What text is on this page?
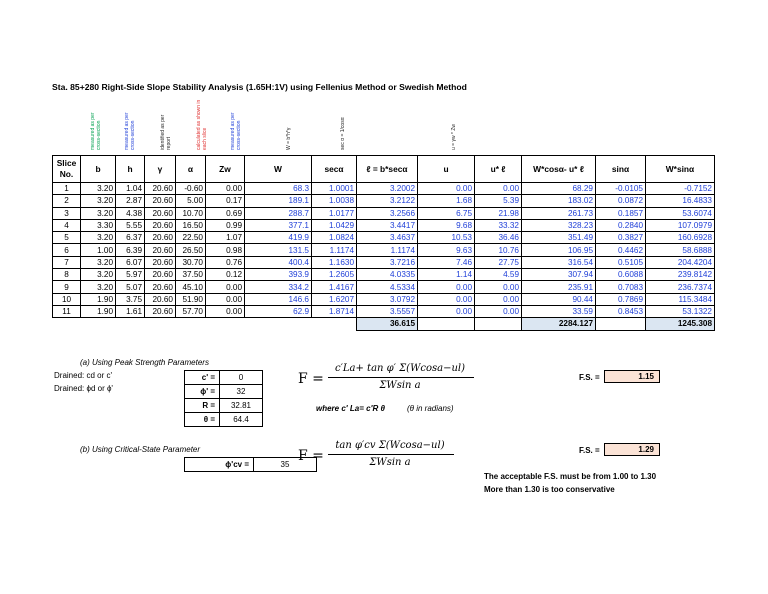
Sta. 85+280 Right-Side Slope Stability Analysis (1.65H:1V) using Fellenius Method or Swedish Method
measured as per cross-section	measured as per cross-section	identified as per report	calculated as shown in each slice	measured as per cross-section	W = b*h*γ	sec α = 1/cosα	u = γw * Zw
Slice No.	b	h	γ	α	Zw	W	secα	ℓ = b*secα	u	u* ℓ	W*cosα- u* ℓ	sinα	W*sinα
1	3.20	1.04	20.60	-0.60	0.00	68.3	1.0001	3.2002	0.00	0.00	68.29	-0.0105	-0.7152
2	3.20	2.87	20.60	5.00	0.17	189.1	1.0038	3.2122	1.68	5.39	183.02	0.0872	16.4833
3	3.20	4.38	20.60	10.70	0.69	288.7	1.0177	3.2566	6.75	21.98	261.73	0.1857	53.6074
4	3.30	5.55	20.60	16.50	0.99	377.1	1.0429	3.4417	9.68	33.32	328.23	0.2840	107.0979
5	3.20	6.37	20.60	22.50	1.07	419.9	1.0824	3.4637	10.53	36.46	351.49	0.3827	160.6928
6	1.00	6.39	20.60	26.50	0.98	131.5	1.1174	1.1174	9.63	10.76	106.95	0.4462	58.6888
7	3.20	6.07	20.60	30.70	0.76	400.4	1.1630	3.7216	7.46	27.75	316.54	0.5105	204.4204
8	3.20	5.97	20.60	37.50	0.12	393.9	1.2605	4.0335	1.14	4.59	307.94	0.6088	239.8142
9	3.20	5.07	20.60	45.10	0.00	334.2	1.4167	4.5334	0.00	0.00	235.91	0.7083	236.7374
10	1.90	3.75	20.60	51.90	0.00	146.6	1.6207	3.0792	0.00	0.00	90.44	0.7869	115.3484
11	1.90	1.61	20.60	57.70	0.00	62.9	1.8714	3.5557	0.00	0.00	33.59	0.8453	53.1322
								36.615			2284.127		1245.308
(a) Using Peak Strength Parameters
Drained: cd or c'
Drained: ϕd or ϕ'
c' =	0
ϕ' =	32
R =	32.81
θ =	64.4
F =
c′La+ tan φ′ Σ(Wcosa−ul)
ΣWsin a
where c' La= c'R θ	(θ in radians)
F.S. =	1.15
(b) Using Critical-State Parameter
ϕ'cv =	35
F =
tan φ′cv Σ(Wcosa−ul)
ΣWsin a
F.S. =	1.29
The acceptable F.S. must be from 1.00 to 1.30
More than 1.30 is too conservative
